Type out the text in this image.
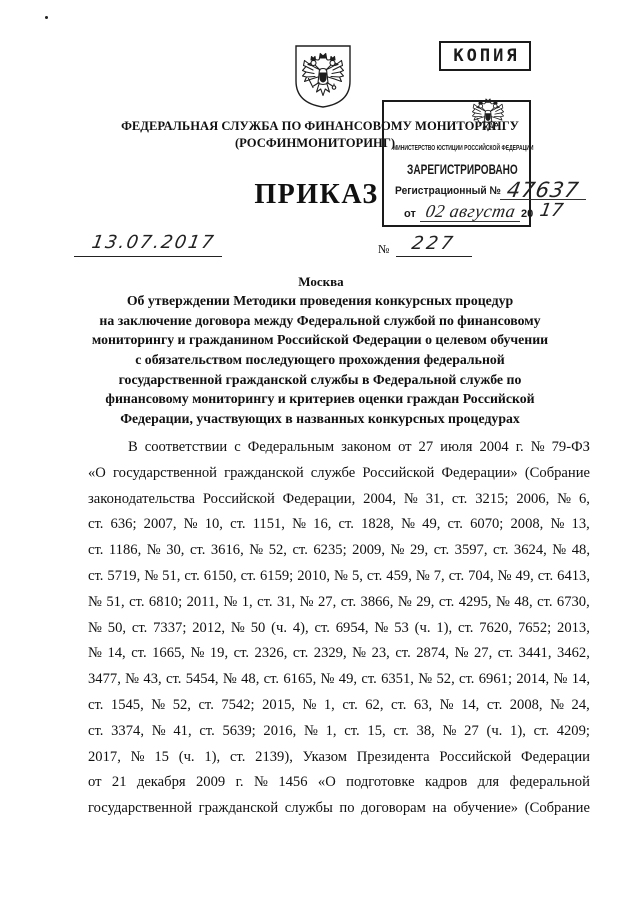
ФЕДЕРАЛЬНАЯ СЛУЖБА ПО ФИНАНСОВОМУ МОНИТОРИНГУ
(РОСФИНМОНИТОРИНГ)
КОПИЯ
ПРИКАЗ
МИНИСТЕРСТВО ЮСТИЦИИ РОССИЙСКОЙ ФЕДЕРАЦИИ
ЗАРЕГИСТРИРОВАНО
Регистрационный № 47637
от 02 августа 20 17
13.07.2017	№ 227
Москва
Об утверждении Методики проведения конкурсных процедур
на заключение договора между Федеральной службой по финансовому
мониторингу и гражданином Российской Федерации о целевом обучении
с обязательством последующего прохождения федеральной
государственной гражданской службы в Федеральной службе по
финансовому мониторингу и критериев оценки граждан Российской
Федерации, участвующих в названных конкурсных процедурах
В соответствии с Федеральным законом от 27 июля 2004 г. № 79-ФЗ
«О государственной гражданской службе Российской Федерации» (Собрание
законодательства Российской Федерации, 2004, № 31, ст. 3215; 2006, № 6,
ст. 636; 2007, № 10, ст. 1151, № 16, ст. 1828, № 49, ст. 6070; 2008, № 13,
ст. 1186, № 30, ст. 3616, № 52, ст. 6235; 2009, № 29, ст. 3597, ст. 3624, № 48,
ст. 5719, № 51, ст. 6150, ст. 6159; 2010, № 5, ст. 459, № 7, ст. 704, № 49, ст. 6413,
№ 51, ст. 6810; 2011, № 1, ст. 31, № 27, ст. 3866, № 29, ст. 4295, № 48, ст. 6730,
№ 50, ст. 7337; 2012, № 50 (ч. 4), ст. 6954, № 53 (ч. 1), ст. 7620, 7652; 2013,
№ 14, ст. 1665, № 19, ст. 2326, ст. 2329, № 23, ст. 2874, № 27, ст. 3441, 3462,
3477, № 43, ст. 5454, № 48, ст. 6165, № 49, ст. 6351, № 52, ст. 6961; 2014, № 14,
ст. 1545, № 52, ст. 7542; 2015, № 1, ст. 62, ст. 63, № 14, ст. 2008, № 24,
ст. 3374, № 41, ст. 5639; 2016, № 1, ст. 15, ст. 38, № 27 (ч. 1), ст. 4209;
2017, № 15 (ч. 1), ст. 2139), Указом Президента Российской Федерации
от 21 декабря 2009 г. № 1456 «О подготовке кадров для федеральной
государственной гражданской службы по договорам на обучение» (Собрание
